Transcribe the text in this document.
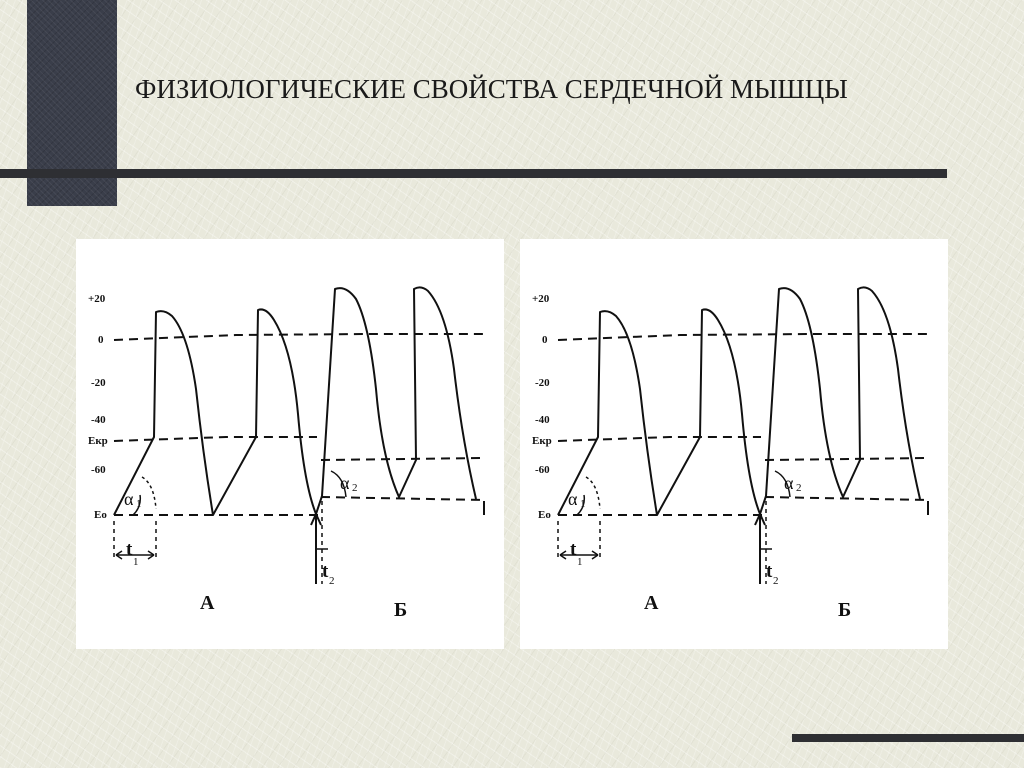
ФИЗИОЛОГИЧЕСКИЕ СВОЙСТВА СЕРДЕЧНОЙ МЫШЦЫ
+20
0
-20
-40
Екр
-60
Ео
α 1
α 2
t
1	t 2
А	Б
+20
0
-20
-40
Екр
-60
Ео
α 1
α 2
t
1	t 2
А	Б
